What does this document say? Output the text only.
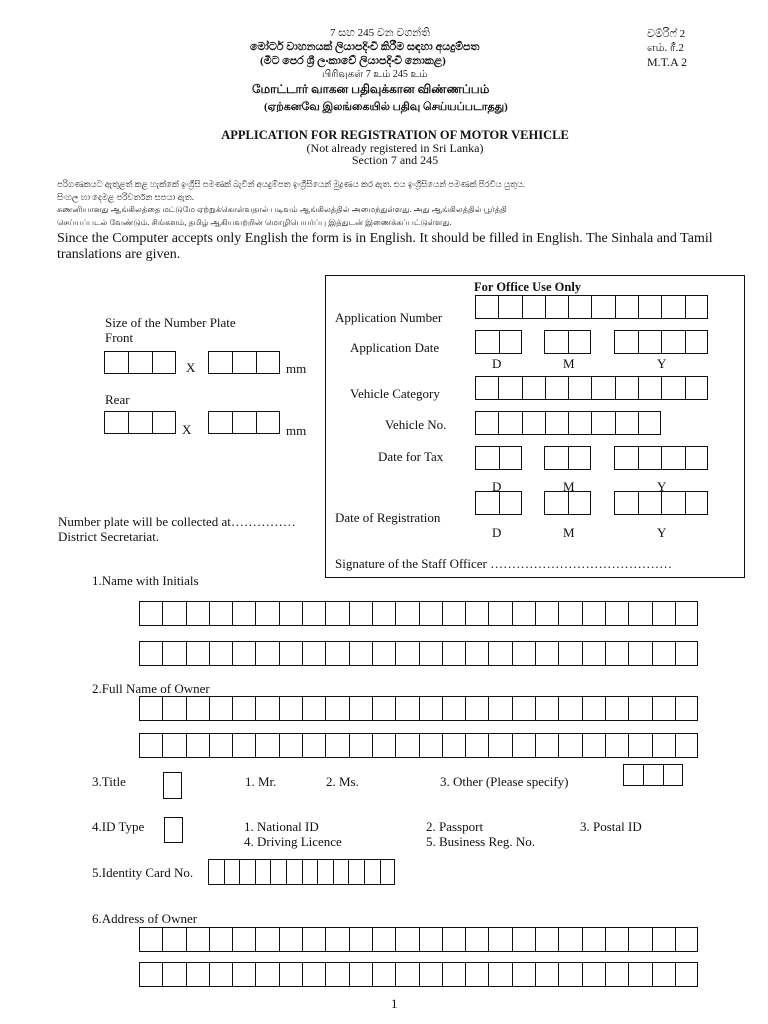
7 සහ 245 වන වගන්ති
මෝටර් වාහනයක් ලියාපදිංචි කිරීම සඳහා අයදුම්පත
(මීට පෙර ශ්‍රී ලංකාවේ ලියාපදිංචි නොකළ)
பிரிவுகள் 7 உம் 245 உம்
மோட்டார் வாகன பதிவுக்கான விண்ணப்பம்
(ஏற்கனவே இலங்கையில் பதிவு செய்யப்படாதது)
වම්රිෆ් 2
எம். ரீ.2
M.T.A 2
APPLICATION FOR REGISTRATION OF MOTOR VEHICLE
(Not already registered in Sri Lanka)
Section 7 and 245
පරිගණකයට ඇතුළත් කළ හැක්කේ ඉංග්‍රීසි පමණක් බැවින් අයදුම්පත ඉංග්‍රීසියෙන් මුද්‍රණය කර ඇත. එය ඉංග්‍රීසියෙන් පමණක් පිරවිය යුතුය.
සිංහල හා දෙමළ පරිවර්තන සපයා ඇත.
கணனியானது ஆங்கிலத்தை மட்டுமே ஏற்றுக்கொள்வதால் படிவம் ஆங்கிலத்தில் அமைந்துள்ளது. அது ஆங்கிலத்தில் பூர்த்தி
செய்யப்படல் வேண்டும். சிங்களம், தமிழ் ஆகியவற்றின் மொழிபெயர்ப்பு இத்துடன் இணைக்கப்பட்டுள்ளது.
Since the Computer accepts only English the form is in English. It should be filled in English. The Sinhala and Tamil
translations are given.
Size of the Number Plate
Front
X	mm
Rear
X	mm
Number plate will be collected at……………
District Secretariat.
For Office Use Only
Application Number
Application Date
D	M	Y
Vehicle Category
Vehicle No.
Date for Tax
D	M	Y
Date of Registration
D	M	Y
Signature of the Staff Officer ……………………………………
1.Name with Initials
2.Full Name of Owner
3.Title	1. Mr.	2. Ms.	3. Other (Please specify)
4.ID Type	1. National ID	2. Passport	3. Postal ID
4. Driving Licence	5. Business Reg. No.
5.Identity Card No.
6.Address of Owner
1
